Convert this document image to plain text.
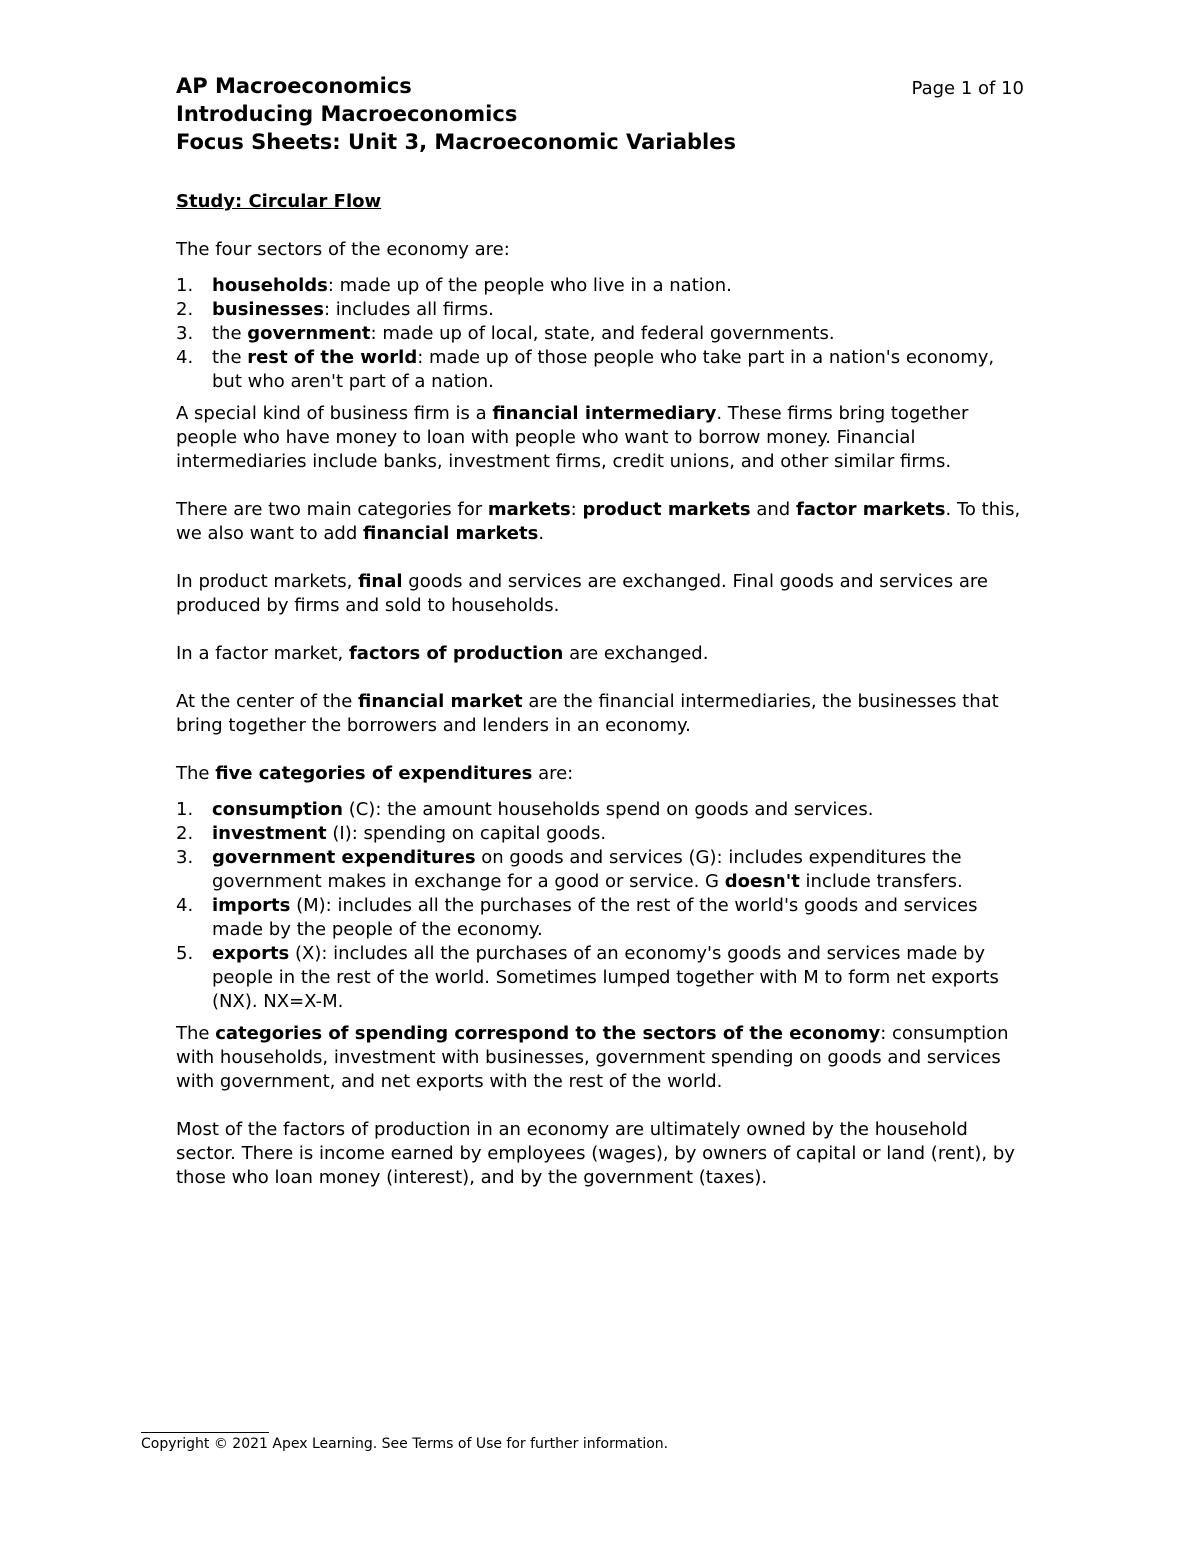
AP Macroeconomics	Page 1 of 10
Introducing Macroeconomics
Focus Sheets: Unit 3, Macroeconomic Variables
Study: Circular Flow

The four sectors of the economy are:

1. households: made up of the people who live in a nation.
2. businesses: includes all firms.
3. the government: made up of local, state, and federal governments.
4. the rest of the world: made up of those people who take part in a nation's economy, but who aren't part of a nation.

A special kind of business firm is a financial intermediary. These firms bring together people who have money to loan with people who want to borrow money. Financial intermediaries include banks, investment firms, credit unions, and other similar firms.

There are two main categories for markets: product markets and factor markets. To this, we also want to add financial markets.

In product markets, final goods and services are exchanged. Final goods and services are produced by firms and sold to households.

In a factor market, factors of production are exchanged.

At the center of the financial market are the financial intermediaries, the businesses that bring together the borrowers and lenders in an economy.

The five categories of expenditures are:

1. consumption (C): the amount households spend on goods and services.
2. investment (I): spending on capital goods.
3. government expenditures on goods and services (G): includes expenditures the government makes in exchange for a good or service. G doesn't include transfers.
4. imports (M): includes all the purchases of the rest of the world's goods and services made by the people of the economy.
5. exports (X): includes all the purchases of an economy's goods and services made by people in the rest of the world. Sometimes lumped together with M to form net exports (NX). NX=X-M.

The categories of spending correspond to the sectors of the economy: consumption with households, investment with businesses, government spending on goods and services with government, and net exports with the rest of the world.

Most of the factors of production in an economy are ultimately owned by the household sector. There is income earned by employees (wages), by owners of capital or land (rent), by those who loan money (interest), and by the government (taxes).

Copyright © 2021 Apex Learning. See Terms of Use for further information.
